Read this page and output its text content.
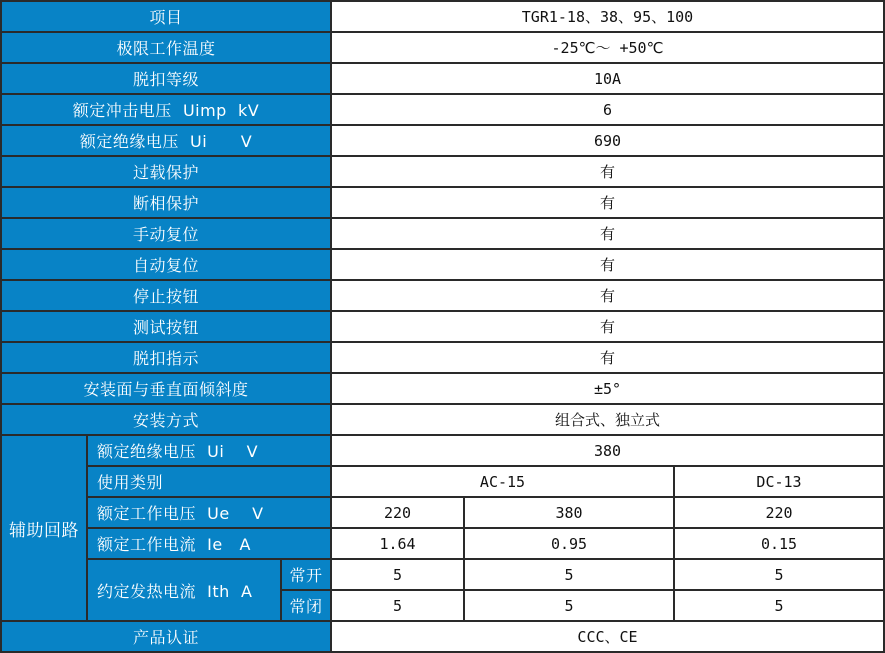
项目			TGR1-18、38、95、100		
极限工作温度			-25℃～ +50℃		
脱扣等级			10A		
额定冲击电压  Uimp  kV			6		
额定绝缘电压  Ui      V			690		
过载保护			有		
断相保护			有		
手动复位			有		
自动复位			有		
停止按钮			有		
测试按钮			有		
脱扣指示			有		
安装面与垂直面倾斜度			±5°		
安装方式			组合式、独立式		
辅助回路	额定绝缘电压  Ui    V		380		
	使用类别		AC-15		DC-13
	额定工作电压  Ue    V		220	380	220
	额定工作电流  Ie   A		1.64	0.95	0.15
	约定发热电流  Ith  A	常开	5	5	5
		常闭	5	5	5
产品认证			CCC、CE		
